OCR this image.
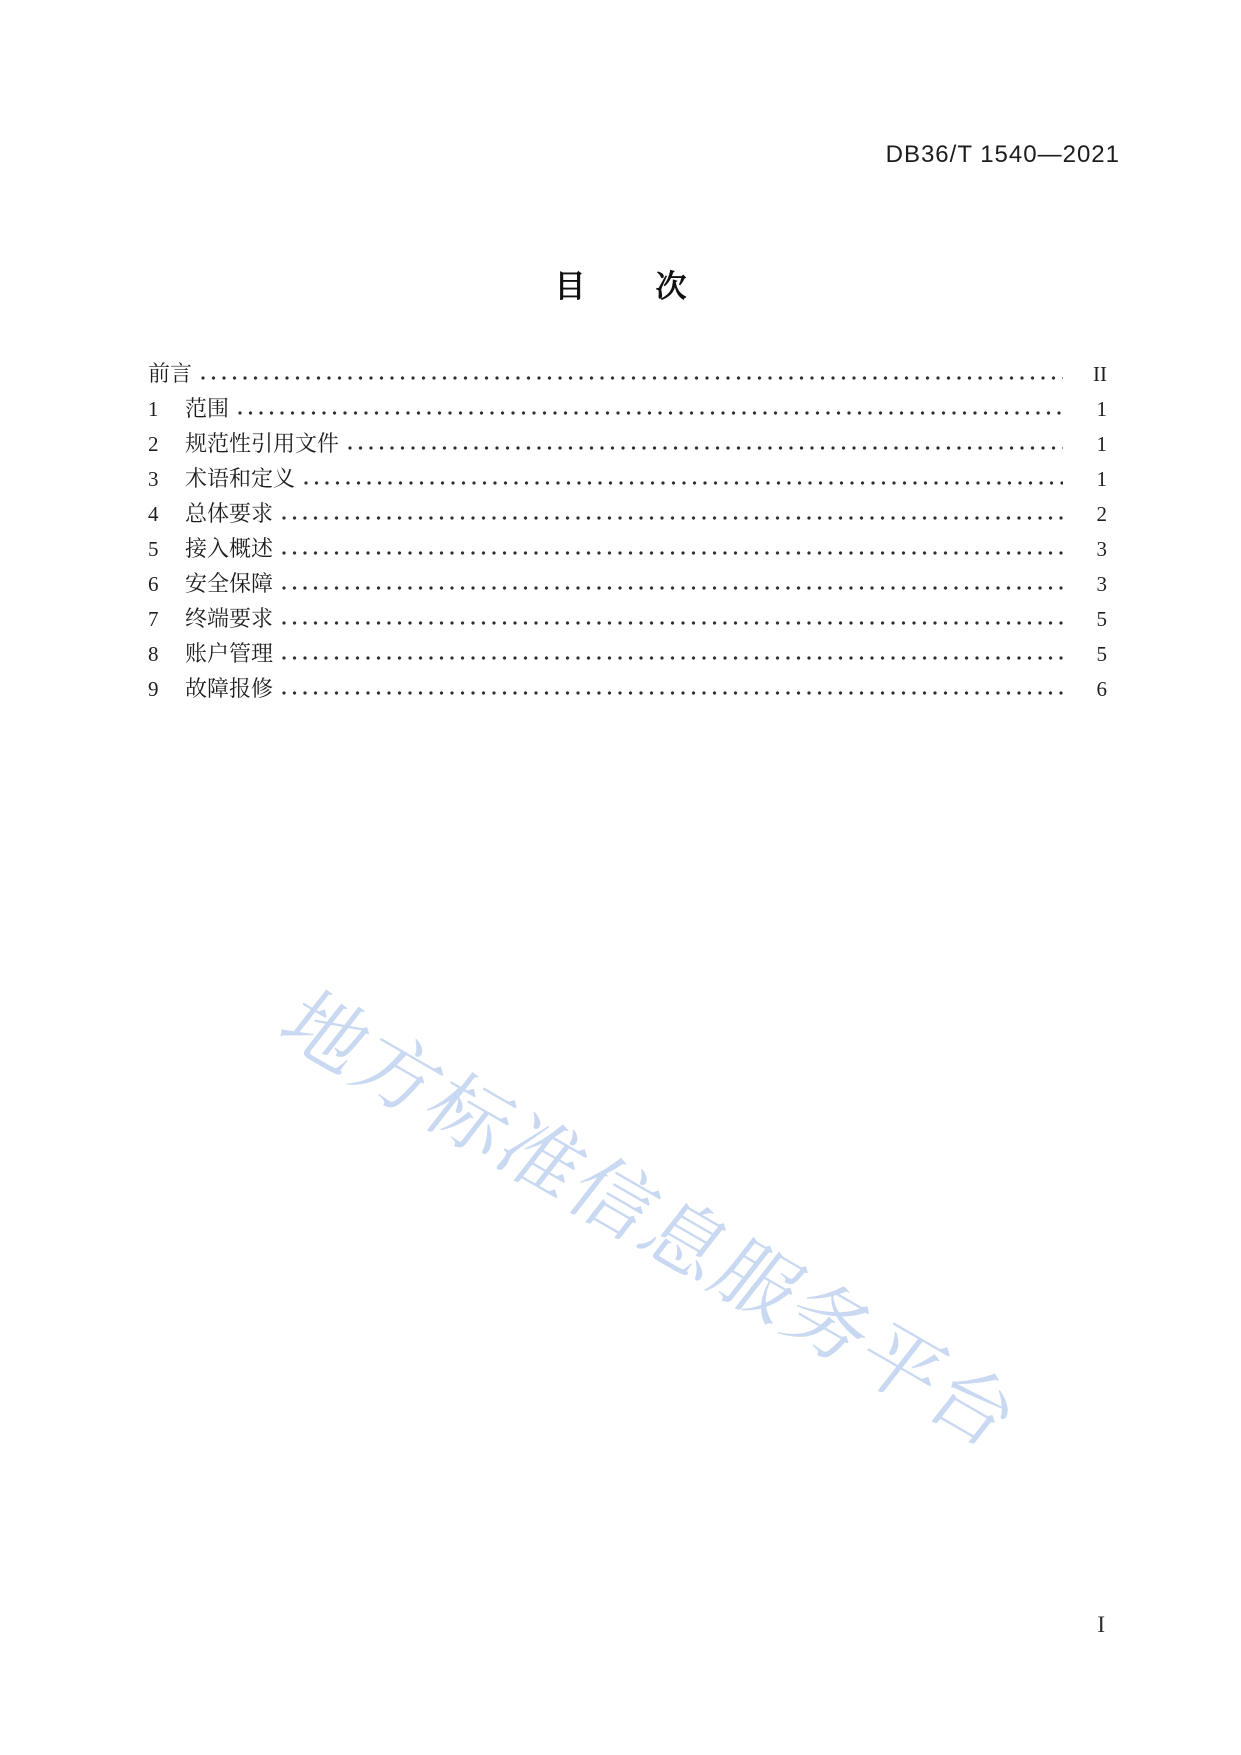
DB36/T 1540—2021
目 次
前言	II
1 范围	1
2 规范性引用文件	1
3 术语和定义	1
4 总体要求	2
5 接入概述	3
6 安全保障	3
7 终端要求	5
8 账户管理	5
9 故障报修	6
地方标准信息服务平台
I
